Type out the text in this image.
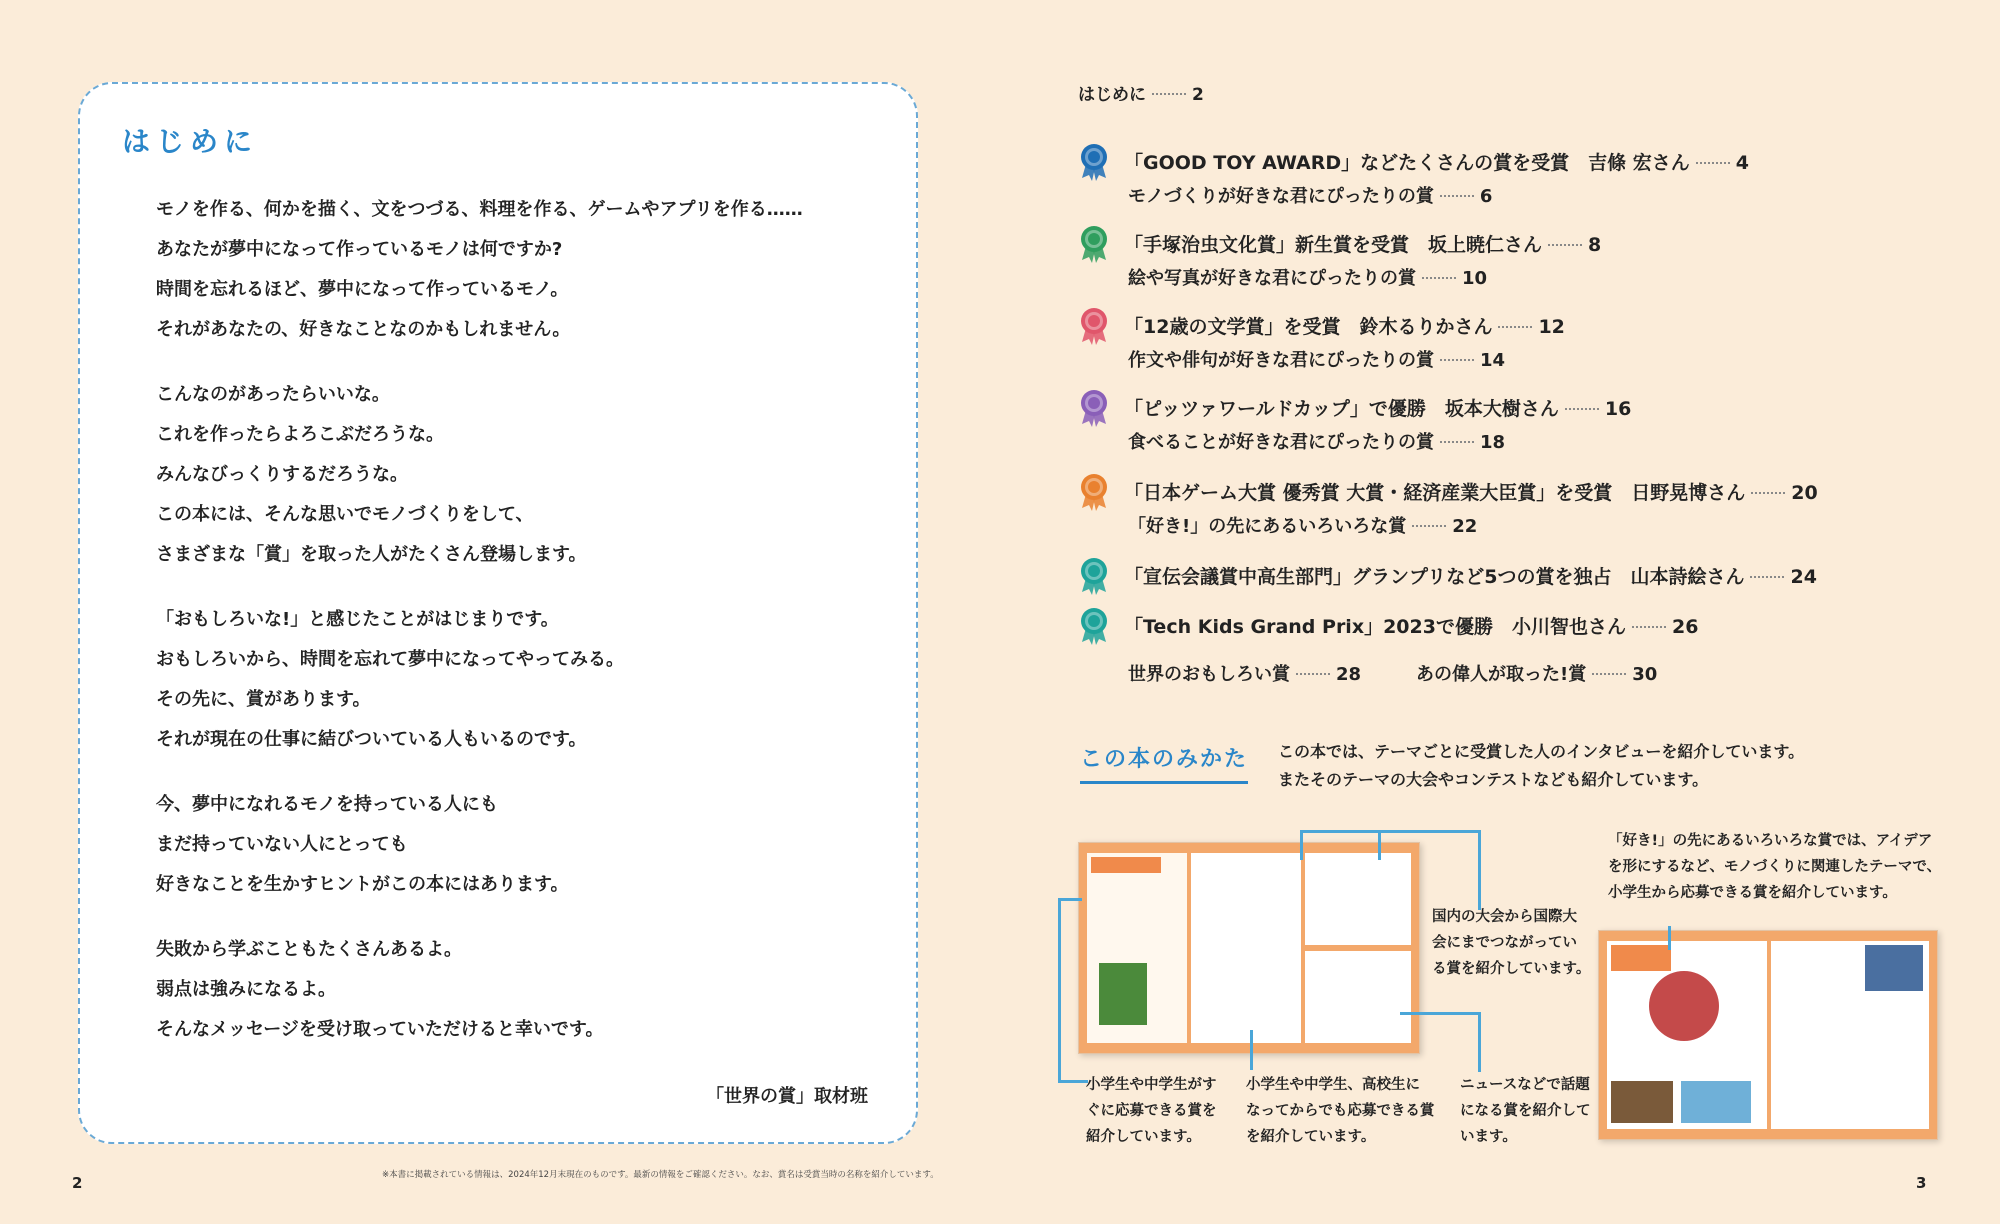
はじめに
モノを作る、何かを描く、文をつづる、料理を作る、ゲームやアプリを作る……
あなたが夢中になって作っているモノは何ですか?
時間を忘れるほど、夢中になって作っているモノ。
それがあなたの、好きなことなのかもしれません。
こんなのがあったらいいな。
これを作ったらよろこぶだろうな。
みんなびっくりするだろうな。
この本には、そんな思いでモノづくりをして、
さまざまな「賞」を取った人がたくさん登場します。
「おもしろいな!」と感じたことがはじまりです。
おもしろいから、時間を忘れて夢中になってやってみる。
その先に、賞があります。
それが現在の仕事に結びついている人もいるのです。
今、夢中になれるモノを持っている人にも
まだ持っていない人にとっても
好きなことを生かすヒントがこの本にはあります。
失敗から学ぶこともたくさんあるよ。
弱点は強みになるよ。
そんなメッセージを受け取っていただけると幸いです。
「世界の賞」取材班
2	※本書に掲載されている情報は、2024年12月末現在のものです。最新の情報をご確認ください。なお、賞名は受賞当時の名称を紹介しています。	3
はじめに	2
「GOOD TOY AWARD」などたくさんの賞を受賞　吉條 宏さん 4
モノづくりが好きな君にぴったりの賞	6
「手塚治虫文化賞」新生賞を受賞　坂上暁仁さん 8
絵や写真が好きな君にぴったりの賞	10
「12歳の文学賞」を受賞　鈴木るりかさん 12
作文や俳句が好きな君にぴったりの賞	14
「ピッツァワールドカップ」で優勝　坂本大樹さん 16
食べることが好きな君にぴったりの賞	18
「日本ゲーム大賞 優秀賞 大賞・経済産業大臣賞」を受賞　日野晃博さん 20
「好き!」の先にあるいろいろな賞	22
「宣伝会議賞中高生部門」グランプリなど5つの賞を独占　山本詩絵さん 24
「Tech Kids Grand Prix」2023で優勝　小川智也さん 26
世界のおもしろい賞	28	あの偉人が取った!賞	30
この本のみかた この本では、テーマごとに受賞した人のインタビューを紹介しています。
またそのテーマの大会やコンテストなども紹介しています。
「好き!」の先にあるいろいろな賞では、アイデア
を形にするなど、モノづくりに関連したテーマで、
小学生から応募できる賞を紹介しています。
国内の大会から国際大
会にまでつながってい
る賞を紹介しています。
小学生や中学生がす
ぐに応募できる賞を
紹介しています。
小学生や中学生、高校生に
なってからでも応募できる賞
を紹介しています。
ニュースなどで話題
になる賞を紹介して
います。
